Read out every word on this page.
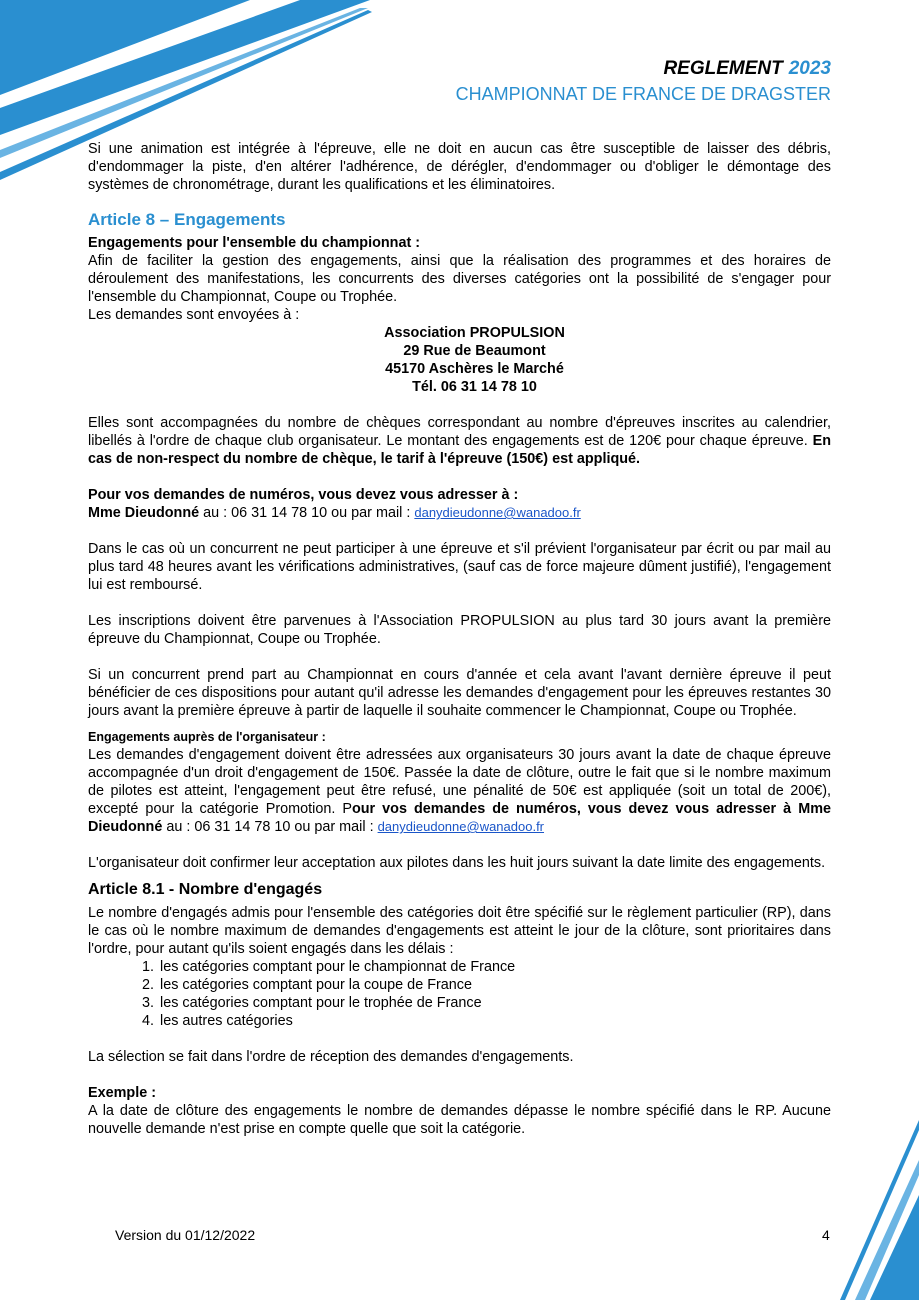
REGLEMENT 2023
CHAMPIONNAT DE FRANCE DE DRAGSTER

Si une animation est intégrée à l'épreuve, elle ne doit en aucun cas être susceptible de laisser des débris, d'endommager la piste, d'en altérer l'adhérence, de dérégler, d'endommager ou d'obliger le démontage des systèmes de chronométrage, durant les qualifications et les éliminatoires.

Article 8 – Engagements

Engagements pour l'ensemble du championnat :

Afin de faciliter la gestion des engagements, ainsi que la réalisation des programmes et des horaires de déroulement des manifestations, les concurrents des diverses catégories ont la possibilité de s'engager pour l'ensemble du Championnat, Coupe ou Trophée.

Les demandes sont envoyées à :

Association PROPULSION
29 Rue de Beaumont
45170 Aschères le Marché
Tél. 06 31 14 78 10

Elles sont accompagnées du nombre de chèques correspondant au nombre d'épreuves inscrites au calendrier, libellés à l'ordre de chaque club organisateur. Le montant des engagements est de 120€ pour chaque épreuve. En cas de non-respect du nombre de chèque, le tarif à l'épreuve (150€) est appliqué.

Pour vos demandes de numéros, vous devez vous adresser à :

Mme Dieudonné au : 06 31 14 78 10 ou par mail : danydieudonne@wanadoo.fr

Dans le cas où un concurrent ne peut participer à une épreuve et s'il prévient l'organisateur par écrit ou par mail au plus tard 48 heures avant les vérifications administratives, (sauf cas de force majeure dûment justifié), l'engagement lui est remboursé.

Les inscriptions doivent être parvenues à l'Association PROPULSION au plus tard 30 jours avant la première épreuve du Championnat, Coupe ou Trophée.

Si un concurrent prend part au Championnat en cours d'année et cela avant l'avant dernière épreuve il peut bénéficier de ces dispositions pour autant qu'il adresse les demandes d'engagement pour les épreuves restantes 30 jours avant la première épreuve à partir de laquelle il souhaite commencer le Championnat, Coupe ou Trophée.

Engagements auprès de l'organisateur :

Les demandes d'engagement doivent être adressées aux organisateurs 30 jours avant la date de chaque épreuve accompagnée d'un droit d'engagement de 150€. Passée la date de clôture, outre le fait que si le nombre maximum de pilotes est atteint, l'engagement peut être refusé, une pénalité de 50€ est appliquée (soit un total de 200€), excepté pour la catégorie Promotion. Pour vos demandes de numéros, vous devez vous adresser à Mme Dieudonné au : 06 31 14 78 10 ou par mail : danydieudonne@wanadoo.fr

L'organisateur doit confirmer leur acceptation aux pilotes dans les huit jours suivant la date limite des engagements.

Article 8.1 - Nombre d'engagés

Le nombre d'engagés admis pour l'ensemble des catégories doit être spécifié sur le règlement particulier (RP), dans le cas où le nombre maximum de demandes d'engagements est atteint le jour de la clôture, sont prioritaires dans l'ordre, pour autant qu'ils soient engagés dans les délais :

1. les catégories comptant pour le championnat de France
2. les catégories comptant pour la coupe de France
3. les catégories comptant pour le trophée de France
4. les autres catégories

La sélection se fait dans l'ordre de réception des demandes d'engagements.

Exemple :

A la date de clôture des engagements le nombre de demandes dépasse le nombre spécifié dans le RP. Aucune nouvelle demande n'est prise en compte quelle que soit la catégorie.

Version du 01/12/2022	4
